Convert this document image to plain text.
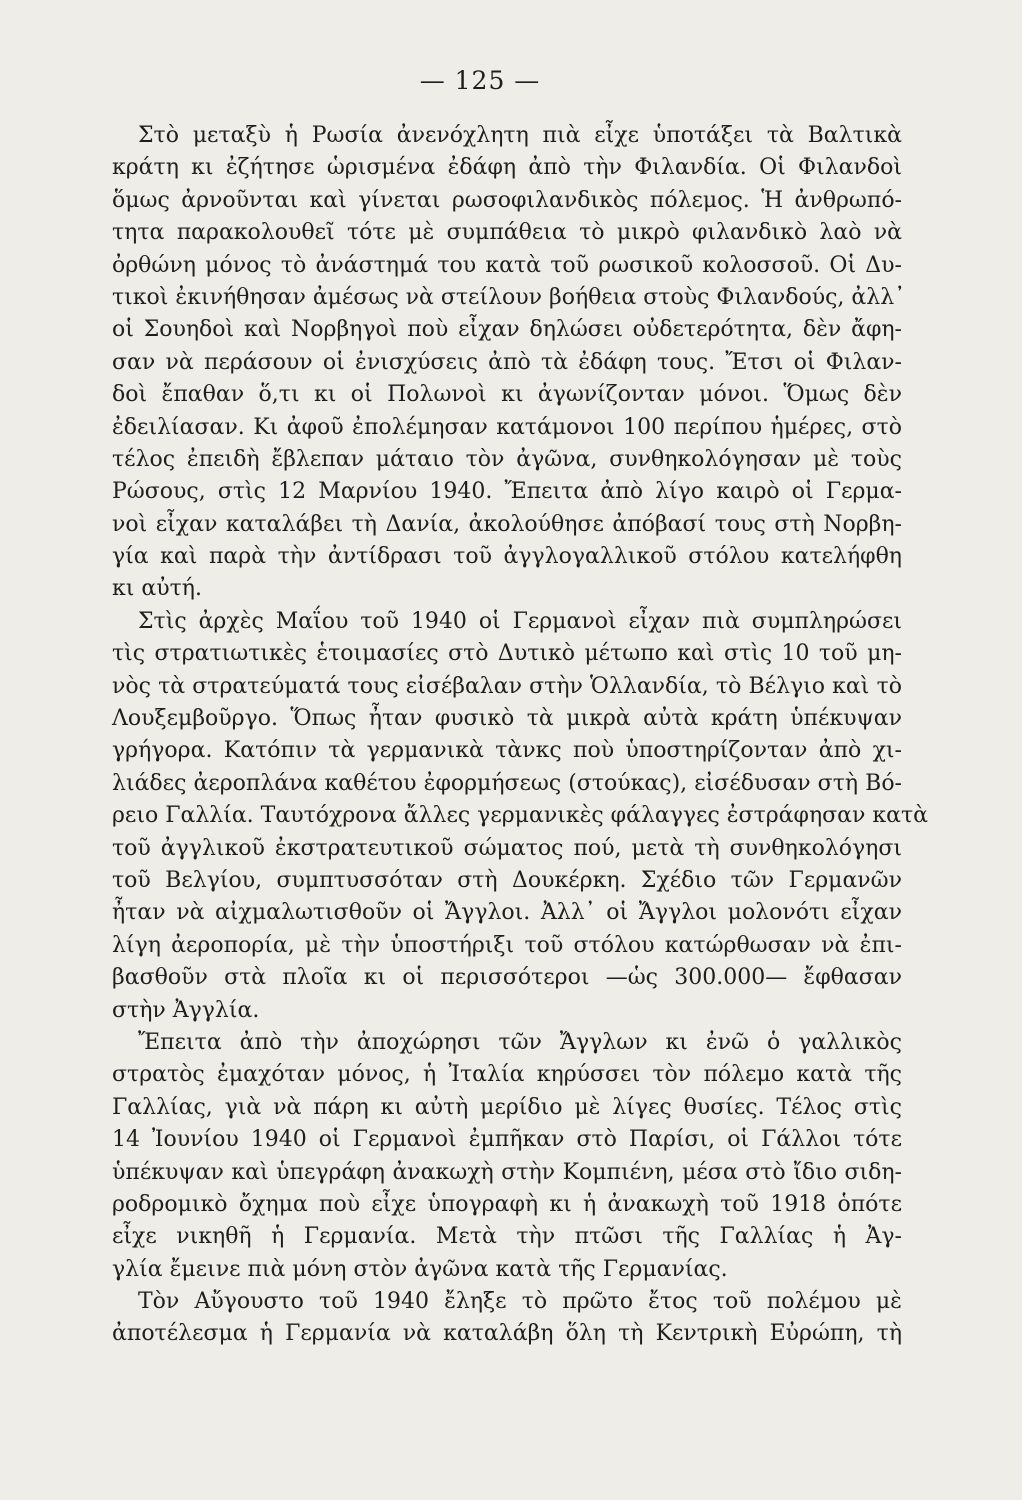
— 125 —
Στὸ μεταξὺ ἡ Ρωσία ἀνενόχλητη πιὰ εἶχε ὑποτάξει τὰ Βαλτικὰ
κράτη κι ἐζήτησε ὡρισμένα ἐδάφη ἀπὸ τὴν Φιλανδία. Οἱ Φιλανδοὶ
ὅμως ἀρνοῦνται καὶ γίνεται ρωσοφιλανδικὸς πόλεμος. Ἡ ἀνθρωπό-
τητα παρακολουθεῖ τότε μὲ συμπάθεια τὸ μικρὸ φιλανδικὸ λαὸ νὰ
ὀρθώνη μόνος τὸ ἀνάστημά του κατὰ τοῦ ρωσικοῦ κολοσσοῦ. Οἱ Δυ-
τικοὶ ἐκινήθησαν ἀμέσως νὰ στείλουν βοήθεια στοὺς Φιλανδούς, ἀλλ᾽
οἱ Σουηδοὶ καὶ Νορβηγοὶ ποὺ εἶχαν δηλώσει οὐδετερότητα, δὲν ἄφη-
σαν νὰ περάσουν οἱ ἐνισχύσεις ἀπὸ τὰ ἐδάφη τους. Ἔτσι οἱ Φιλαν-
δοὶ ἔπαθαν ὅ,τι κι οἱ Πολωνοὶ κι ἀγωνίζονταν μόνοι. Ὅμως δὲν
ἐδειλίασαν. Κι ἀφοῦ ἐπολέμησαν κατάμονοι 100 περίπου ἡμέρες, στὸ
τέλος ἐπειδὴ ἔβλεπαν μάταιο τὸν ἀγῶνα, συνθηκολόγησαν μὲ τοὺς
Ρώσους, στὶς 12 Μαρνίου 1940. Ἔπειτα ἀπὸ λίγο καιρὸ οἱ Γερμα-
νοὶ εἶχαν καταλάβει τὴ Δανία, ἀκολούθησε ἀπόβασί τους στὴ Νορβη-
γία καὶ παρὰ τὴν ἀντίδρασι τοῦ ἀγγλογαλλικοῦ στόλου κατελήφθη
κι αὐτή.
Στὶς ἀρχὲς Μαΐου τοῦ 1940 οἱ Γερμανοὶ εἶχαν πιὰ συμπληρώσει
τὶς στρατιωτικὲς ἑτοιμασίες στὸ Δυτικὸ μέτωπο καὶ στὶς 10 τοῦ μη-
νὸς τὰ στρατεύματά τους εἰσέβαλαν στὴν Ὁλλανδία, τὸ Βέλγιο καὶ τὸ
Λουξεμβοῦργο. Ὅπως ἦταν φυσικὸ τὰ μικρὰ αὐτὰ κράτη ὑπέκυψαν
γρήγορα. Κατόπιν τὰ γερμανικὰ τὰνκς ποὺ ὑποστηρίζονταν ἀπὸ χι-
λιάδες ἀεροπλάνα καθέτου ἐφορμήσεως (στούκας), εἰσέδυσαν στὴ Βό-
ρειο Γαλλία. Ταυτόχρονα ἄλλες γερμανικὲς φάλαγγες ἐστράφησαν κατὰ
τοῦ ἀγγλικοῦ ἐκστρατευτικοῦ σώματος πού, μετὰ τὴ συνθηκολόγησι
τοῦ Βελγίου, συμπτυσσόταν στὴ Δουκέρκη. Σχέδιο τῶν Γερμανῶν
ἦταν νὰ αἰχμαλωτισθοῦν οἱ Ἄγγλοι. Ἀλλ᾽ οἱ Ἄγγλοι μολονότι εἶχαν
λίγη ἀεροπορία, μὲ τὴν ὑποστήριξι τοῦ στόλου κατώρθωσαν νὰ ἐπι-
βασθοῦν στὰ πλοῖα κι οἱ περισσότεροι —ὡς 300.000— ἔφθασαν
στὴν Ἀγγλία.
Ἔπειτα ἀπὸ τὴν ἀποχώρησι τῶν Ἄγγλων κι ἐνῶ ὁ γαλλικὸς
στρατὸς ἐμαχόταν μόνος, ἡ Ἰταλία κηρύσσει τὸν πόλεμο κατὰ τῆς
Γαλλίας, γιὰ νὰ πάρη κι αὐτὴ μερίδιο μὲ λίγες θυσίες. Τέλος στὶς
14 Ἰουνίου 1940 οἱ Γερμανοὶ ἐμπῆκαν στὸ Παρίσι, οἱ Γάλλοι τότε
ὑπέκυψαν καὶ ὑπεγράφη ἀνακωχὴ στὴν Κομπιένη, μέσα στὸ ἴδιο σιδη-
ροδρομικὸ ὄχημα ποὺ εἶχε ὑπογραφὴ κι ἡ ἀνακωχὴ τοῦ 1918 ὁπότε
εἶχε νικηθῆ ἡ Γερμανία. Μετὰ τὴν πτῶσι τῆς Γαλλίας ἡ Ἀγ-
γλία ἔμεινε πιὰ μόνη στὸν ἀγῶνα κατὰ τῆς Γερμανίας.
Τὸν Αὔγουστο τοῦ 1940 ἔληξε τὸ πρῶτο ἔτος τοῦ πολέμου μὲ
ἀποτέλεσμα ἡ Γερμανία νὰ καταλάβη ὅλη τὴ Κεντρικὴ Εὐρώπη, τὴ
